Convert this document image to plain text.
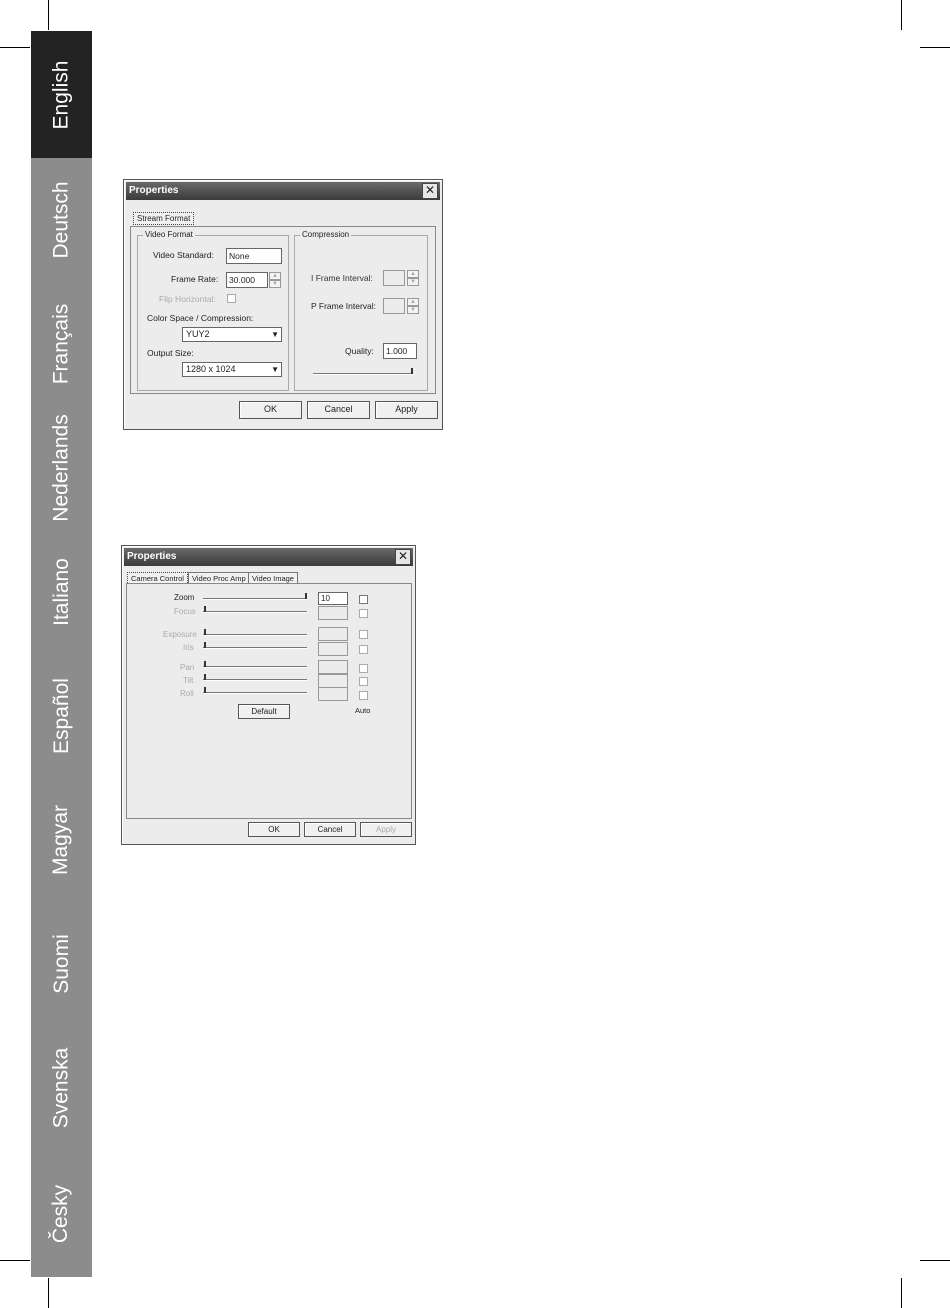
English
Deutsch
Français
Nederlands
Italiano
Español
Magyar
Suomi
Svenska
Česky
Properties	✕
Stream Format
Video Format
Video Standard:	None
Frame Rate:	30.000	▲
▼
Flip Horizontal:
Color Space / Compression:
YUY2	▼
Output Size:
1280 x 1024	▼
Compression
I Frame Interval:	▲
▼
P Frame Interval:	▲
▼
Quality:	1.000
OK	Cancel	Apply
Properties	✕
Camera Control	Video Proc Amp Video Image
Zoom	10
Focus
Exposure
Iris
Pan
Tilt
Roll
Auto
Default
OK	Cancel	Apply
